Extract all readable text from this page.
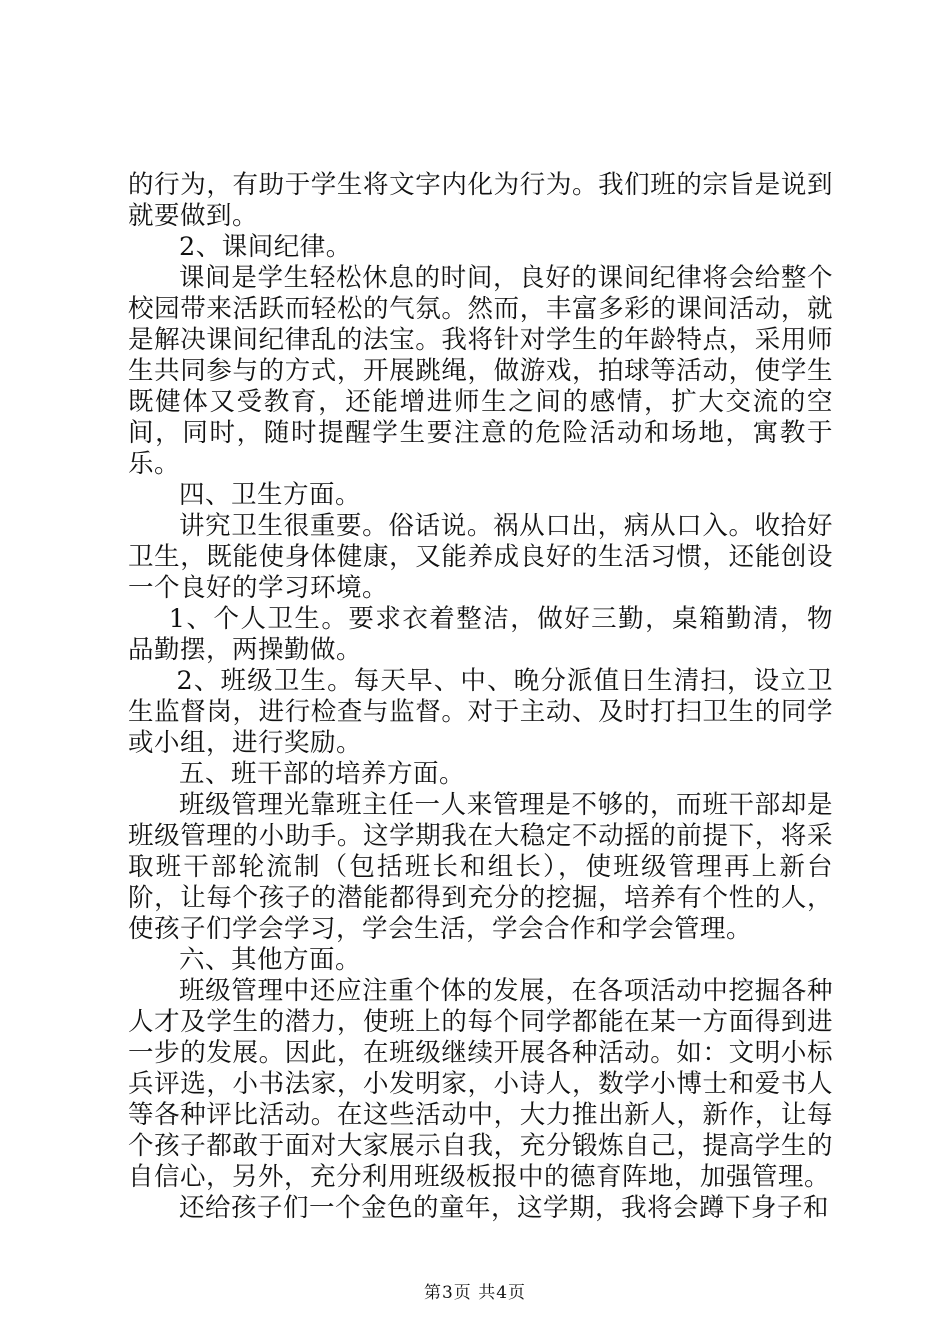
的行为，有助于学生将文字内化为行为。我们班的宗旨是说到就要做到。

2、课间纪律。

课间是学生轻松休息的时间，良好的课间纪律将会给整个校园带来活跃而轻松的气氛。然而，丰富多彩的课间活动，就是解决课间纪律乱的法宝。我将针对学生的年龄特点，采用师生共同参与的方式，开展跳绳，做游戏，拍球等活动，使学生既健体又受教育，还能增进师生之间的感情，扩大交流的空间，同时，随时提醒学生要注意的危险活动和场地，寓教于乐。

四、卫生方面。

讲究卫生很重要。俗话说。祸从口出，病从口入。收拾好卫生，既能使身体健康，又能养成良好的生活习惯，还能创设一个良好的学习环境。

1、个人卫生。要求衣着整洁，做好三勤，桌箱勤清，物品勤摆，两操勤做。

2、班级卫生。每天早、中、晚分派值日生清扫，设立卫生监督岗，进行检查与监督。对于主动、及时打扫卫生的同学或小组，进行奖励。

五、班干部的培养方面。

班级管理光靠班主任一人来管理是不够的，而班干部却是班级管理的小助手。这学期我在大稳定不动摇的前提下，将采取班干部轮流制（包括班长和组长），使班级管理再上新台阶，让每个孩子的潜能都得到充分的挖掘，培养有个性的人，使孩子们学会学习，学会生活，学会合作和学会管理。

六、其他方面。

班级管理中还应注重个体的发展，在各项活动中挖掘各种人才及学生的潜力，使班上的每个同学都能在某一方面得到进一步的发展。因此，在班级继续开展各种活动。如：文明小标兵评选，小书法家，小发明家，小诗人，数学小博士和爱书人等各种评比活动。在这些活动中，大力推出新人，新作，让每个孩子都敢于面对大家展示自我，充分锻炼自己，提高学生的自信心，另外，充分利用班级板报中的德育阵地，加强管理。

还给孩子们一个金色的童年，这学期，我将会蹲下身子和

第3页 共4页
